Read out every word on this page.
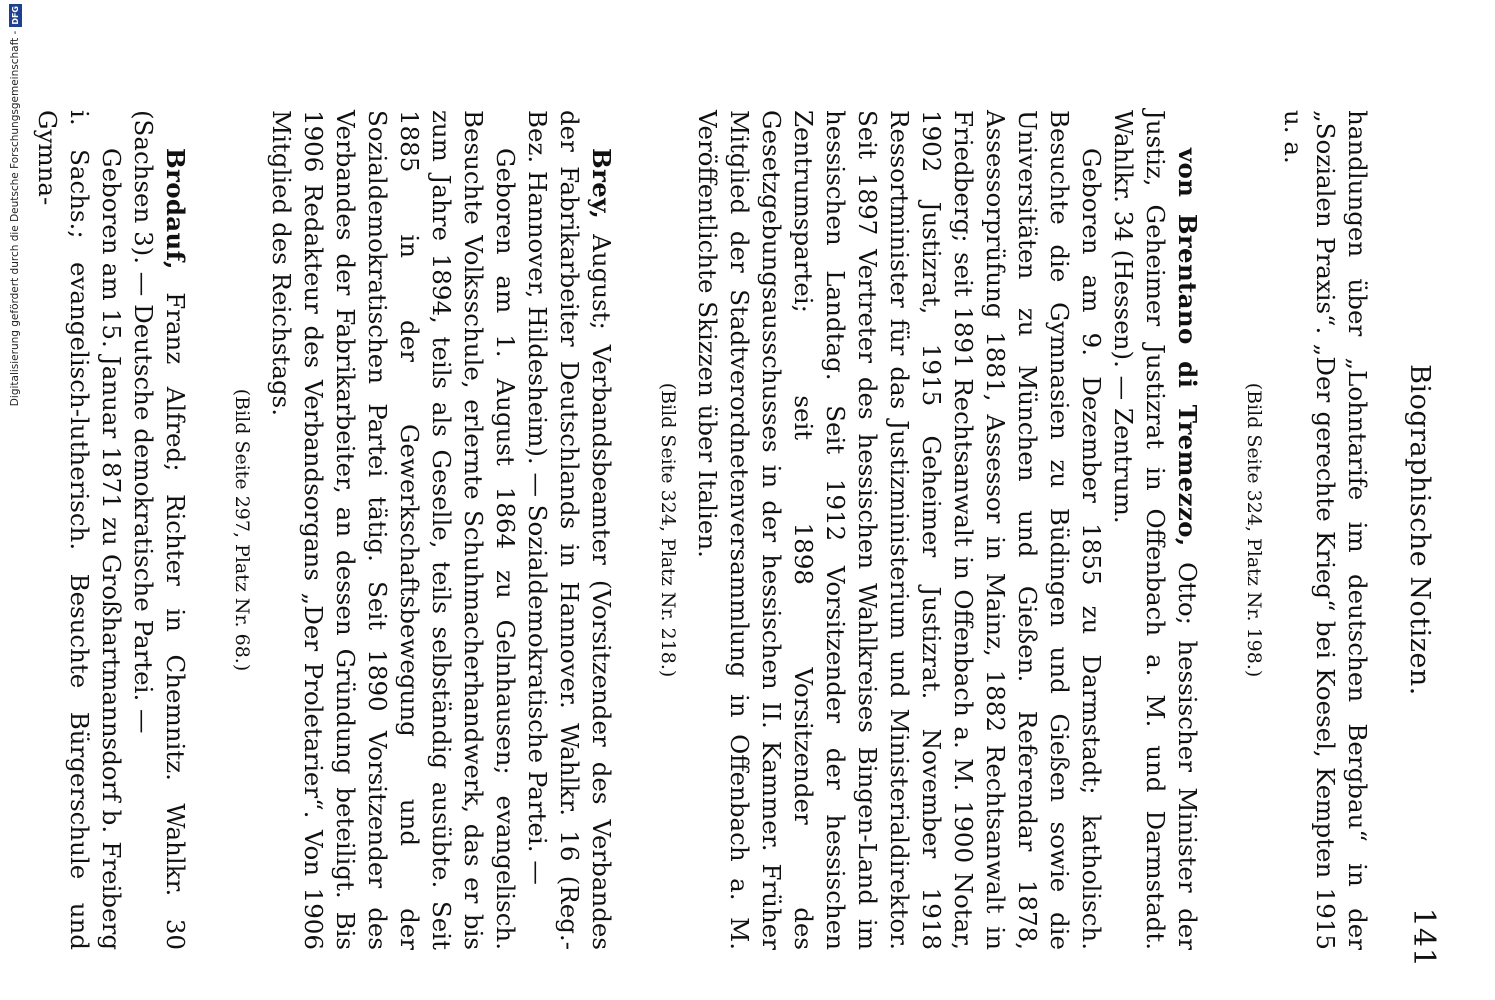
Biographische Notizen.
141

handlungen über „Lohntarife im deutschen Bergbau“ in der „Sozialen Praxis“. „Der gerechte Krieg“ bei Koesel, Kempten 1915 u. a.

(Bild Seite 324, Platz Nr. 198.)

von Brentano di Tremezzo, Otto; hessischer Minister der Justiz, Geheimer Justizrat in Offenbach a. M. und Darmstadt. Wahlkr. 34 (Hessen). — Zentrum.

Geboren am 9. Dezember 1855 zu Darmstadt; katholisch. Besuchte die Gymnasien zu Büdingen und Gießen sowie die Universitäten zu München und Gießen. Referendar 1878, Assessorprüfung 1881, Assessor in Mainz, 1882 Rechtsanwalt in Friedberg; seit 1891 Rechtsanwalt in Offenbach a. M. 1900 Notar, 1902 Justizrat, 1915 Geheimer Justizrat. November 1918 Ressortminister für das Justizministerium und Ministerialdirektor. Seit 1897 Vertreter des hessischen Wahlkreises Bingen-Land im hessischen Landtag. Seit 1912 Vorsitzender der hessischen Zentrumspartei; seit 1898 Vorsitzender des Gesetzgebungsausschusses in der hessischen II. Kammer. Früher Mitglied der Stadtverordnetenversammlung in Offenbach a. M. Veröffentlichte Skizzen über Italien.

(Bild Seite 324, Platz Nr. 218.)

Brey, August; Verbandsbeamter (Vorsitzender des Verbandes der Fabrikarbeiter Deutschlands in Hannover. Wahlkr. 16 (Reg.-Bez. Hannover, Hildesheim). — Sozialdemokratische Partei. —

Geboren am 1. August 1864 zu Gelnhausen; evangelisch. Besuchte Volksschule, erlernte Schuhmacherhandwerk, das er bis zum Jahre 1894, teils als Geselle, teils selbständig ausübte. Seit 1885 in der Gewerkschaftsbewegung und der Sozialdemokratischen Partei tätig. Seit 1890 Vorsitzender des Verbandes der Fabrikarbeiter, an dessen Gründung beteiligt. Bis 1906 Redakteur des Verbandsorgans „Der Proletarier“. Von 1906 Mitglied des Reichstags.

(Bild Seite 297, Platz Nr. 68.)

Brodauf, Franz Alfred; Richter in Chemnitz. Wahlkr. 30 (Sachsen 3). — Deutsche demokratische Partei. —

Geboren am 15. Januar 1871 zu Großhartmannsdorf b. Freiberg i. Sachs.; evangelisch-lutherisch. Besuchte Bürgerschule und Gymna-

Digitalisierung gefördert durch die Deutsche Forschungsgemeinschaft -
DFG
